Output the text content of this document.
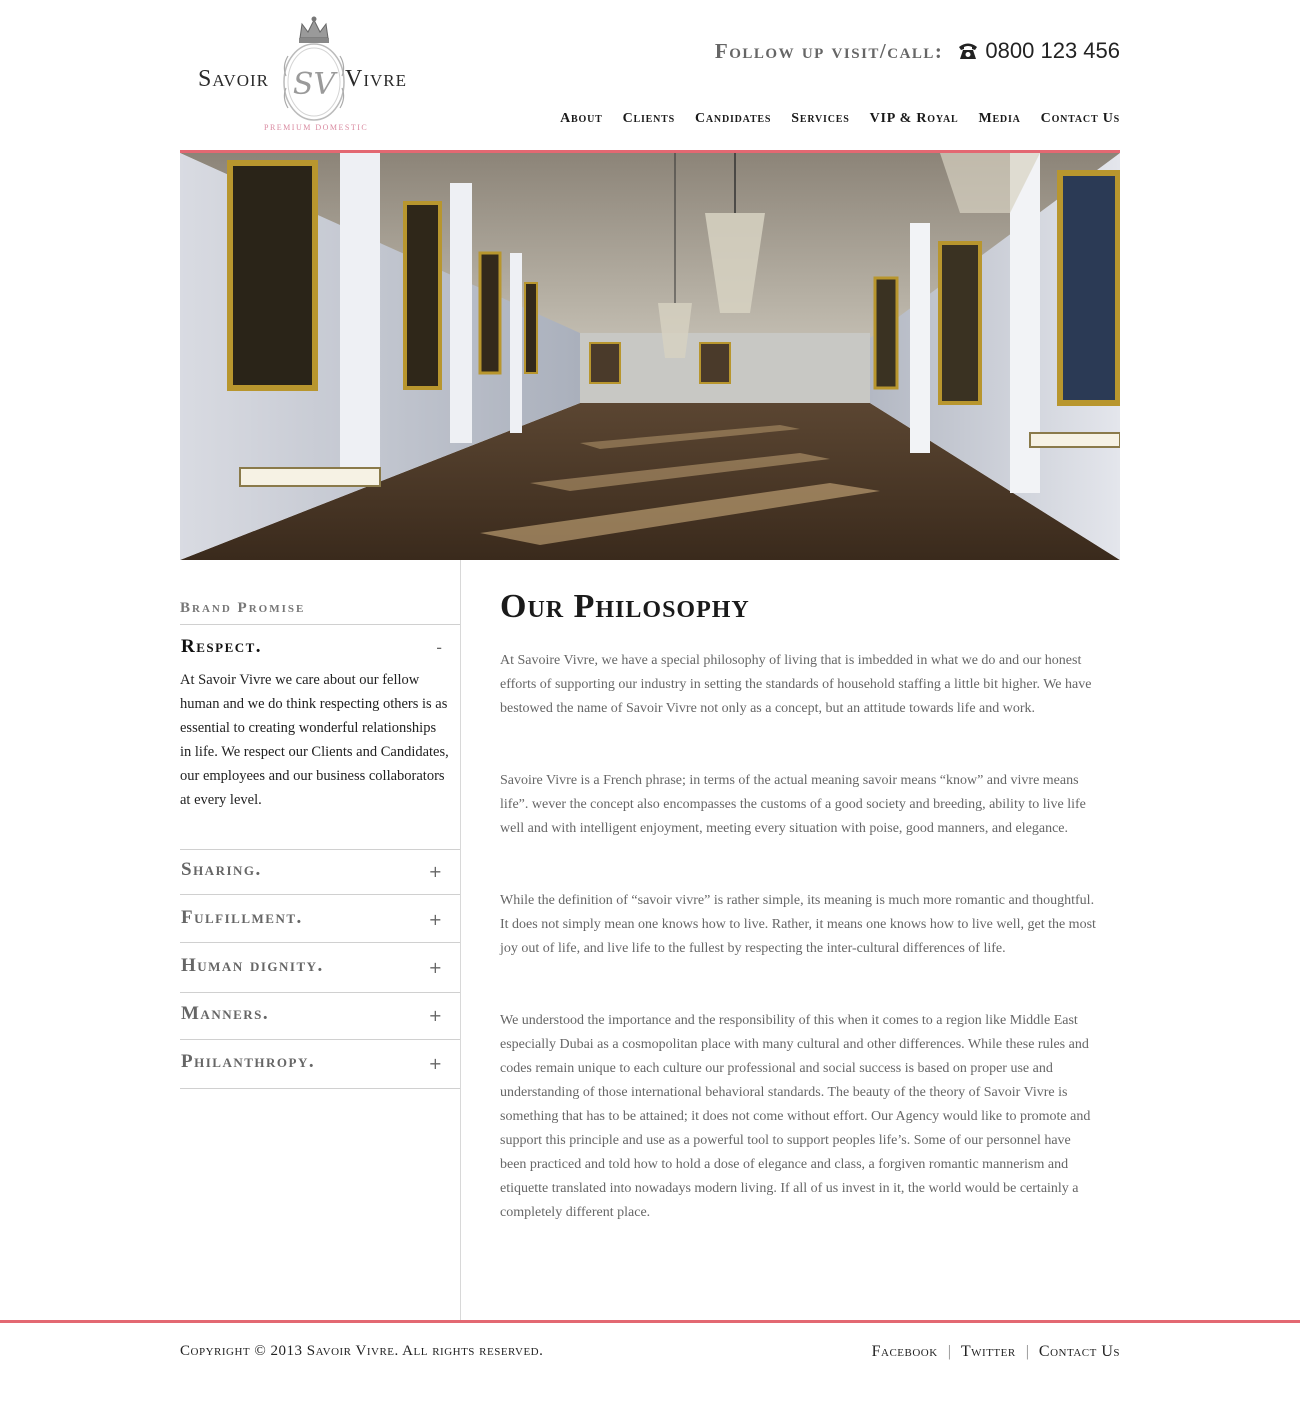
Savoir SV Vivre
PREMIUM DOMESTIC
Follow up visit/call: 0800 123 456
About Clients Candidates Services VIP & Royal Media Contact Us
Brand Promise
Respect.	-

At Savoir Vivre we care about our fellow human and we do think respecting others is as essential to creating wonderful relationships in life. We respect our Clients and Candidates, our employees and our business collaborators at every level.

Sharing.	+
Fulfillment.	+
Human dignity.	+
Manners.	+
Philanthropy.	+
Our Philosophy

At Savoire Vivre, we have a special philosophy of living that is imbedded in what we do and our honest efforts of supporting our industry in setting the standards of household staffing a little bit higher. We have bestowed the name of Savoir Vivre not only as a concept, but an attitude towards life and work.

Savoire Vivre is a French phrase; in terms of the actual meaning savoir means “know” and vivre means life”. wever the concept also encompasses the customs of a good society and breeding, ability to live life well and with intelligent enjoyment, meeting every situation with poise, good manners, and elegance.

While the definition of “savoir vivre” is rather simple, its meaning is much more romantic and thoughtful. It does not simply mean one knows how to live. Rather, it means one knows how to live well, get the most joy out of life, and live life to the fullest by respecting the inter-cultural differences of life.

We understood the importance and the responsibility of this when it comes to a region like Middle East especially Dubai as a cosmopolitan place with many cultural and other differences. While these rules and codes remain unique to each culture our professional and social success is based on proper use and understanding of those international behavioral standards. The beauty of the theory of Savoir Vivre is something that has to be attained; it does not come without effort. Our Agency would like to promote and support this principle and use as a powerful tool to support peoples life’s. Some of our personnel have been practiced and told how to hold a dose of elegance and class, a forgiven romantic mannerism and etiquette translated into nowadays modern living. If all of us invest in it, the world would be certainly a completely different place.

Copyright © 2013 Savoir Vivre. All rights reserved.	Facebook | Twitter | Contact Us
